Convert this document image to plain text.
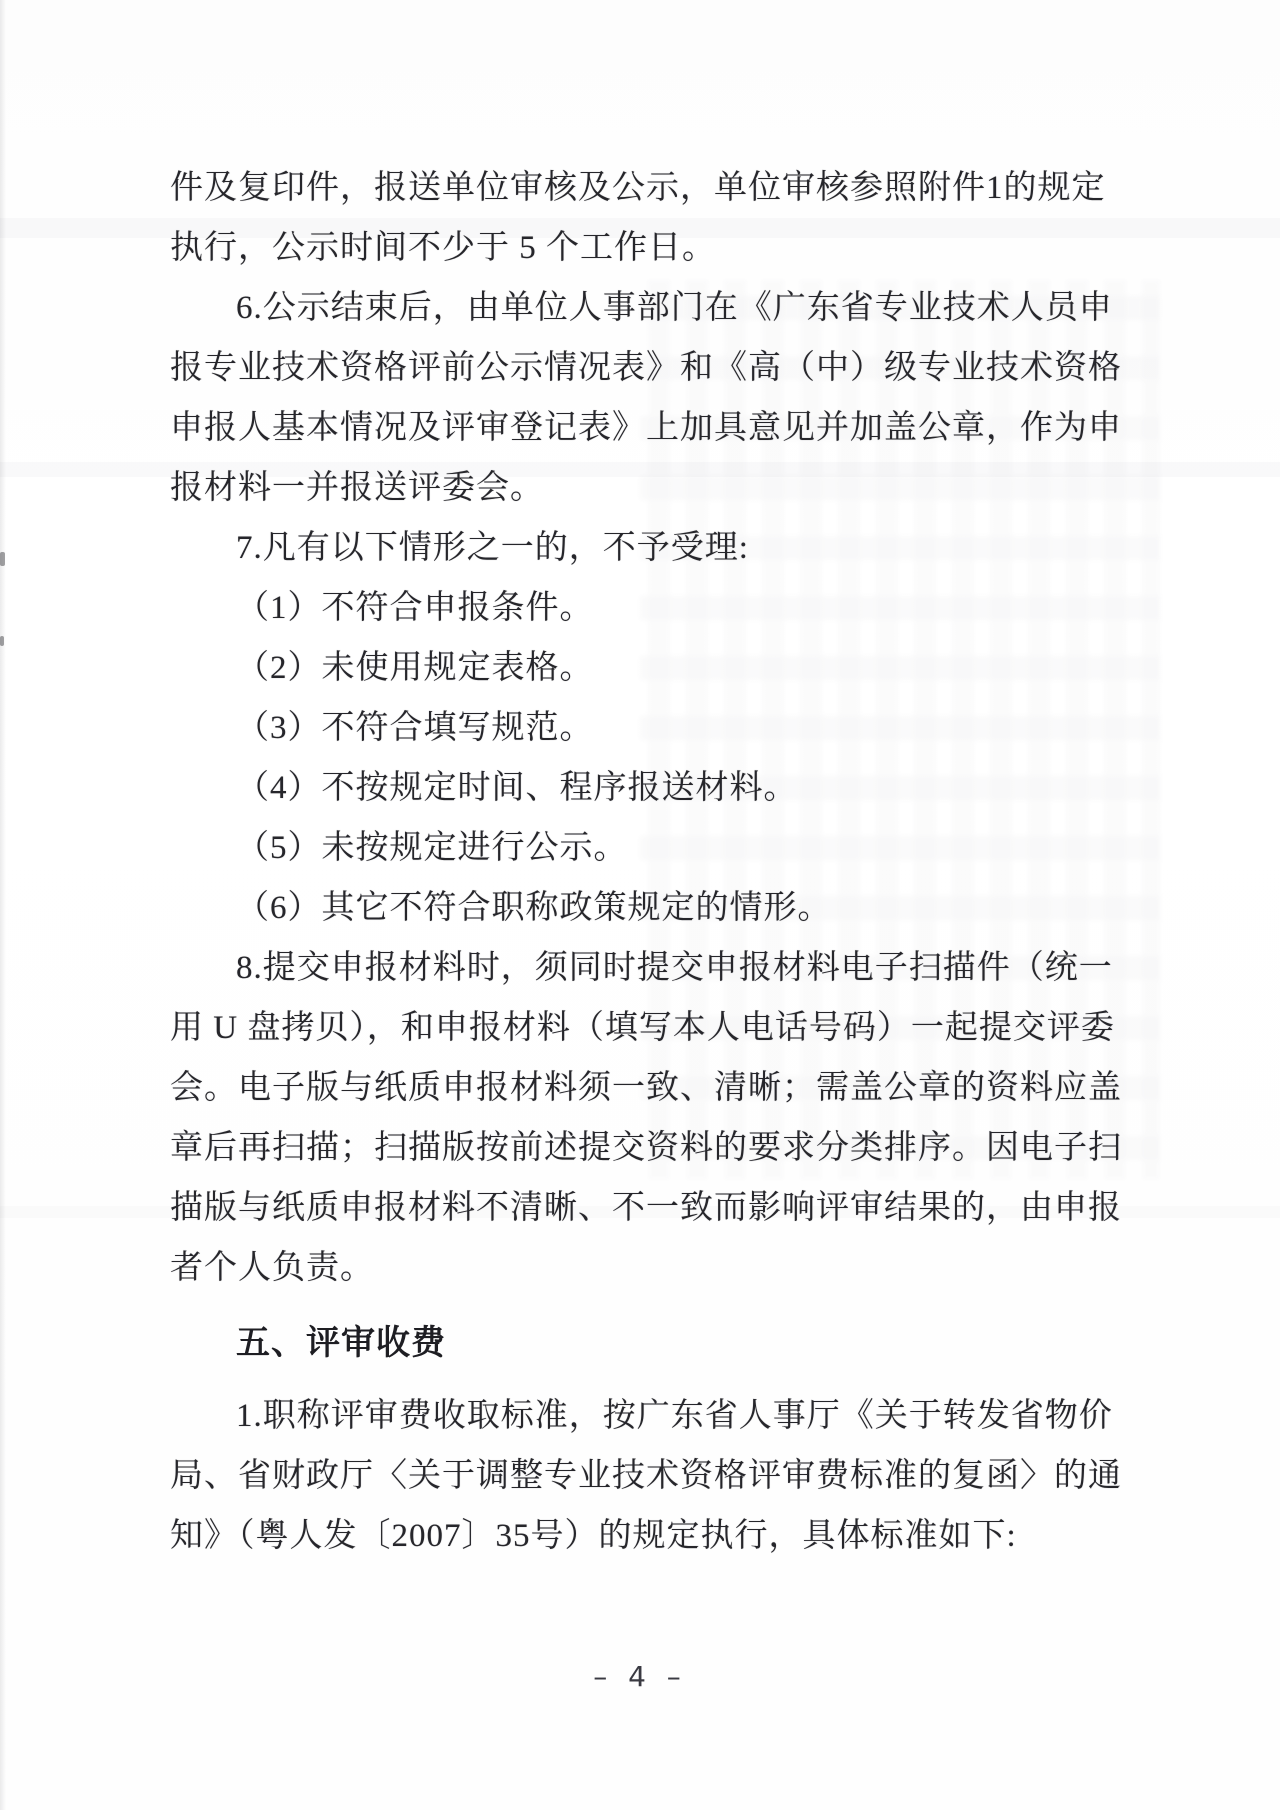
件及复印件，报送单位审核及公示，单位审核参照附件1的规定
执行，公示时间不少于 5 个工作日。
6.公示结束后，由单位人事部门在《广东省专业技术人员申
报专业技术资格评前公示情况表》和《高（中）级专业技术资格
申报人基本情况及评审登记表》上加具意见并加盖公章，作为申
报材料一并报送评委会。
7.凡有以下情形之一的，不予受理:
（1）不符合申报条件。
（2）未使用规定表格。
（3）不符合填写规范。
（4）不按规定时间、程序报送材料。
（5）未按规定进行公示。
（6）其它不符合职称政策规定的情形。
8.提交申报材料时，须同时提交申报材料电子扫描件（统一
用 U 盘拷贝），和申报材料（填写本人电话号码）一起提交评委
会。电子版与纸质申报材料须一致、清晰；需盖公章的资料应盖
章后再扫描；扫描版按前述提交资料的要求分类排序。因电子扫
描版与纸质申报材料不清晰、不一致而影响评审结果的，由申报
者个人负责。
五、评审收费
1.职称评审费收取标准，按广东省人事厅《关于转发省物价
局、省财政厅〈关于调整专业技术资格评审费标准的复函〉的通
知》（粤人发〔2007〕35号）的规定执行，具体标准如下:
– 4 –
